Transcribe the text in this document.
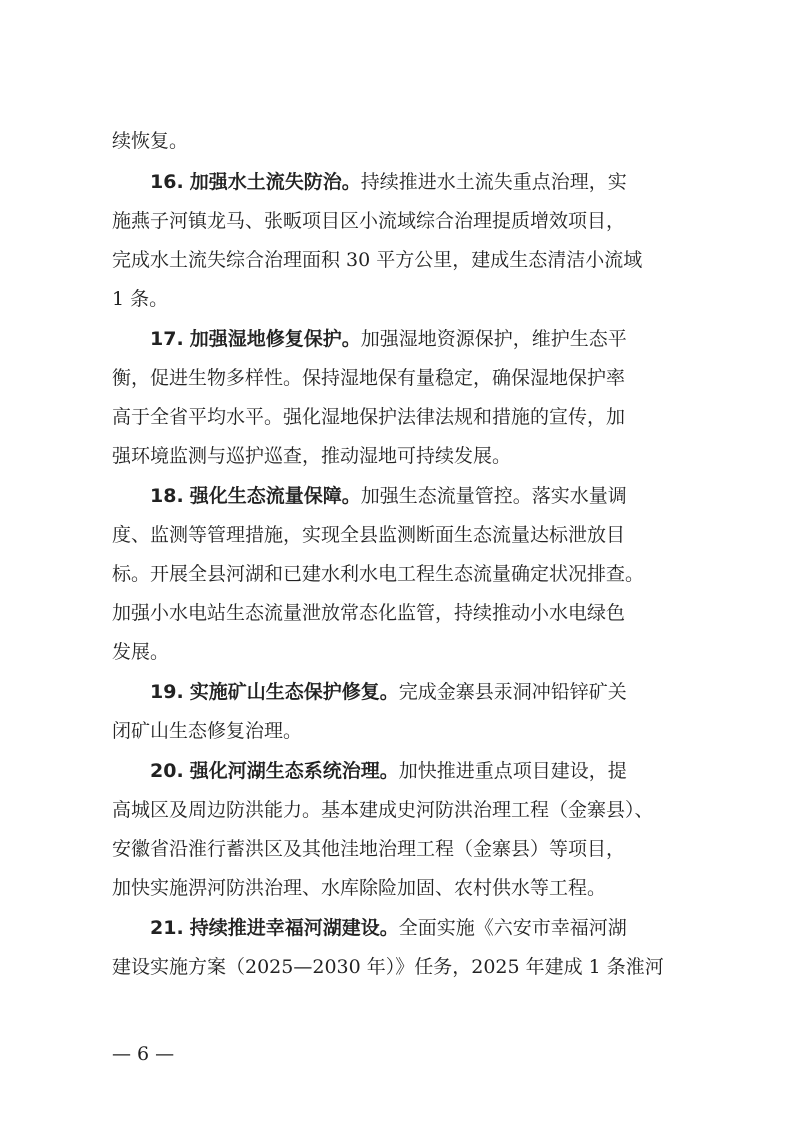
续恢复。
16. 加强水土流失防治。持续推进水土流失重点治理，实
施燕子河镇龙马、张畈项目区小流域综合治理提质增效项目，
完成水土流失综合治理面积 30 平方公里，建成生态清洁小流域
1 条。
17. 加强湿地修复保护。加强湿地资源保护，维护生态平
衡，促进生物多样性。保持湿地保有量稳定，确保湿地保护率
高于全省平均水平。强化湿地保护法律法规和措施的宣传，加
强环境监测与巡护巡查，推动湿地可持续发展。
18. 强化生态流量保障。加强生态流量管控。落实水量调
度、监测等管理措施，实现全县监测断面生态流量达标泄放目
标。开展全县河湖和已建水利水电工程生态流量确定状况排查。
加强小水电站生态流量泄放常态化监管，持续推动小水电绿色
发展。
19. 实施矿山生态保护修复。完成金寨县汞洞冲铅锌矿关
闭矿山生态修复治理。
20. 强化河湖生态系统治理。加快推进重点项目建设，提
高城区及周边防洪能力。基本建成史河防洪治理工程（金寨县）、
安徽省沿淮行蓄洪区及其他洼地治理工程（金寨县）等项目，
加快实施淠河防洪治理、水库除险加固、农村供水等工程。
21. 持续推进幸福河湖建设。全面实施《六安市幸福河湖
建设实施方案（2025—2030 年）》任务，2025 年建成 1 条淮河
— 6 —
